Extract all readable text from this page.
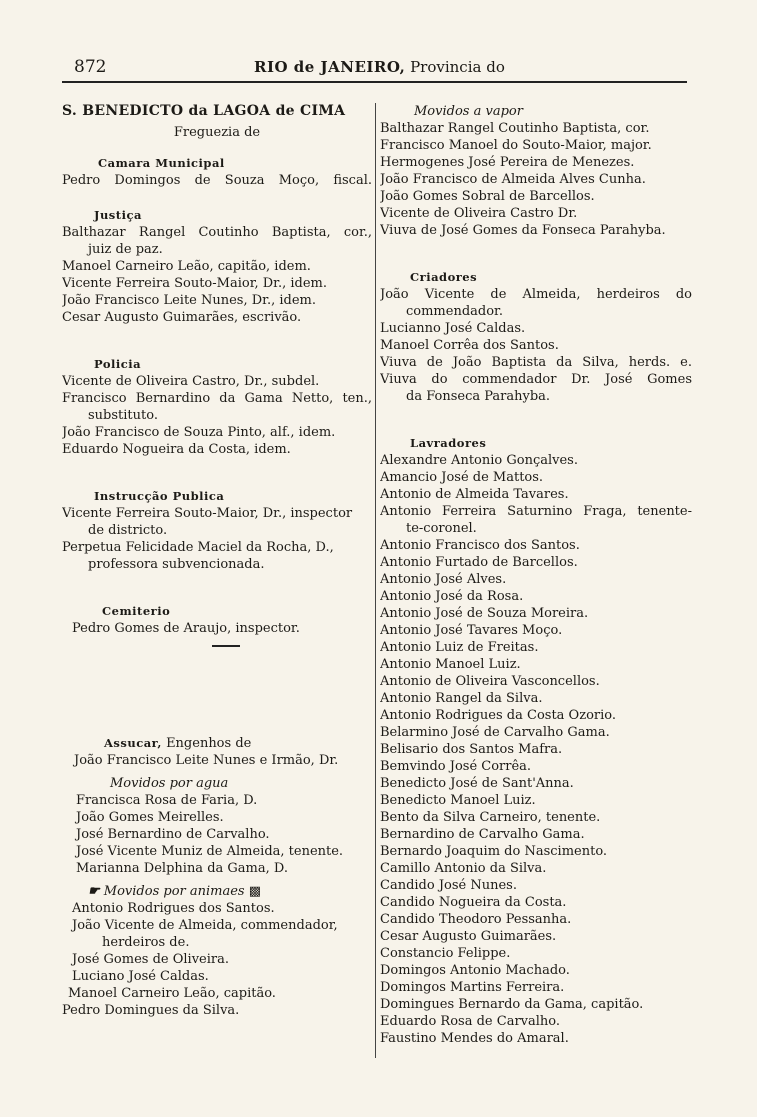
872	RIO de JANEIRO, Provincia do
S. BENEDICTO da LAGOA de CIMA
Freguezia de
Camara Municipal
Pedro Domingos de Souza Moço, fiscal.
Justiça
Balthazar Rangel Coutinho Baptista, cor.,
juiz de paz.
Manoel Carneiro Leão, capitão, idem.
Vicente Ferreira Souto-Maior, Dr., idem.
João Francisco Leite Nunes, Dr., idem.
Cesar Augusto Guimarães, escrivão.
Policia
Vicente de Oliveira Castro, Dr., subdel.
Francisco Bernardino da Gama Netto, ten.,
substituto.
João Francisco de Souza Pinto, alf., idem.
Eduardo Nogueira da Costa, idem.
Instrucção Publica
Vicente Ferreira Souto-Maior, Dr., inspector
de districto.
Perpetua Felicidade Maciel da Rocha, D.,
professora subvencionada.
Cemiterio
Pedro Gomes de Araujo, inspector.
Assucar, Engenhos de
João Francisco Leite Nunes e Irmão, Dr.
Movidos por agua
Francisca Rosa de Faria, D.
João Gomes Meirelles.
José Bernardino de Carvalho.
José Vicente Muniz de Almeida, tenente.
Marianna Delphina da Gama, D.
☛ Movidos por animaes ▩
Antonio Rodrigues dos Santos.
João Vicente de Almeida, commendador,
herdeiros de.
José Gomes de Oliveira.
Luciano José Caldas.
Manoel Carneiro Leão, capitão.
Pedro Domingues da Silva.
Movidos a vapor
Balthazar Rangel Coutinho Baptista, cor.
Francisco Manoel do Souto-Maior, major.
Hermogenes José Pereira de Menezes.
João Francisco de Almeida Alves Cunha.
João Gomes Sobral de Barcellos.
Vicente de Oliveira Castro Dr.
Viuva de José Gomes da Fonseca Parahyba.
Criadores
João Vicente de Almeida, herdeiros do
commendador.
Lucianno José Caldas.
Manoel Corrêa dos Santos.
Viuva de João Baptista da Silva, herds. e.
Viuva do commendador Dr. José Gomes
da Fonseca Parahyba.
Lavradores
Alexandre Antonio Gonçalves.
Amancio José de Mattos.
Antonio de Almeida Tavares.
Antonio Ferreira Saturnino Fraga, tenente-
te-coronel.
Antonio Francisco dos Santos.
Antonio Furtado de Barcellos.
Antonio José Alves.
Antonio José da Rosa.
Antonio José de Souza Moreira.
Antonio José Tavares Moço.
Antonio Luiz de Freitas.
Antonio Manoel Luiz.
Antonio de Oliveira Vasconcellos.
Antonio Rangel da Silva.
Antonio Rodrigues da Costa Ozorio.
Belarmino José de Carvalho Gama.
Belisario dos Santos Mafra.
Bemvindo José Corrêa.
Benedicto José de Sant'Anna.
Benedicto Manoel Luiz.
Bento da Silva Carneiro, tenente.
Bernardino de Carvalho Gama.
Bernardo Joaquim do Nascimento.
Camillo Antonio da Silva.
Candido José Nunes.
Candido Nogueira da Costa.
Candido Theodoro Pessanha.
Cesar Augusto Guimarães.
Constancio Felippe.
Domingos Antonio Machado.
Domingos Martins Ferreira.
Domingues Bernardo da Gama, capitão.
Eduardo Rosa de Carvalho.
Faustino Mendes do Amaral.
